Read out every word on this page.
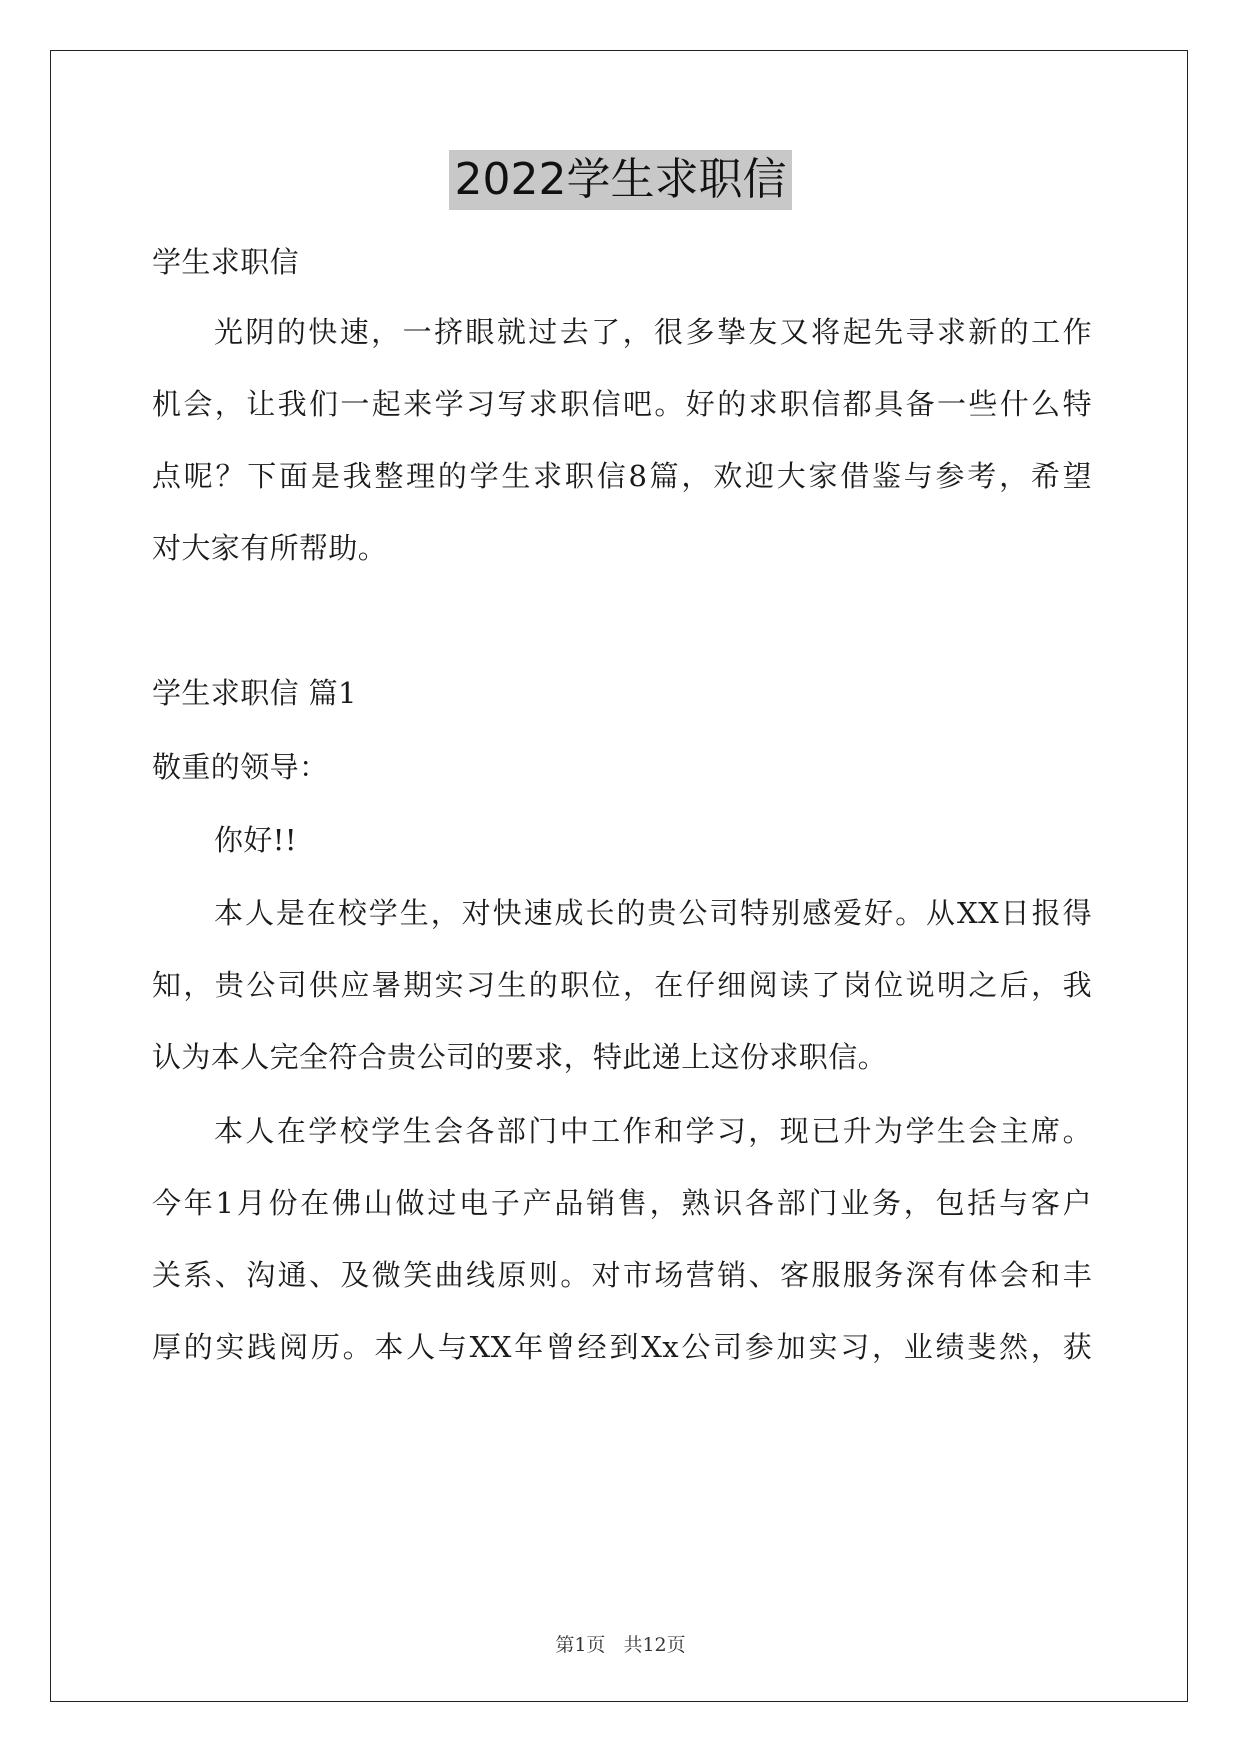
2022学生求职信
学生求职信
光阴的快速，一挤眼就过去了，很多挚友又将起先寻求新的工作
机会，让我们一起来学习写求职信吧。好的求职信都具备一些什么特
点呢？下面是我整理的学生求职信8篇，欢迎大家借鉴与参考，希望
对大家有所帮助。
学生求职信 篇1
敬重的领导：
你好!!
本人是在校学生，对快速成长的贵公司特别感爱好。从XX日报得
知，贵公司供应暑期实习生的职位，在仔细阅读了岗位说明之后，我
认为本人完全符合贵公司的要求，特此递上这份求职信。
本人在学校学生会各部门中工作和学习，现已升为学生会主席。
今年1月份在佛山做过电子产品销售，熟识各部门业务，包括与客户
关系、沟通、及微笑曲线原则。对市场营销、客服服务深有体会和丰
厚的实践阅历。本人与XX年曾经到Xx公司参加实习，业绩斐然，获
第1页 共12页
